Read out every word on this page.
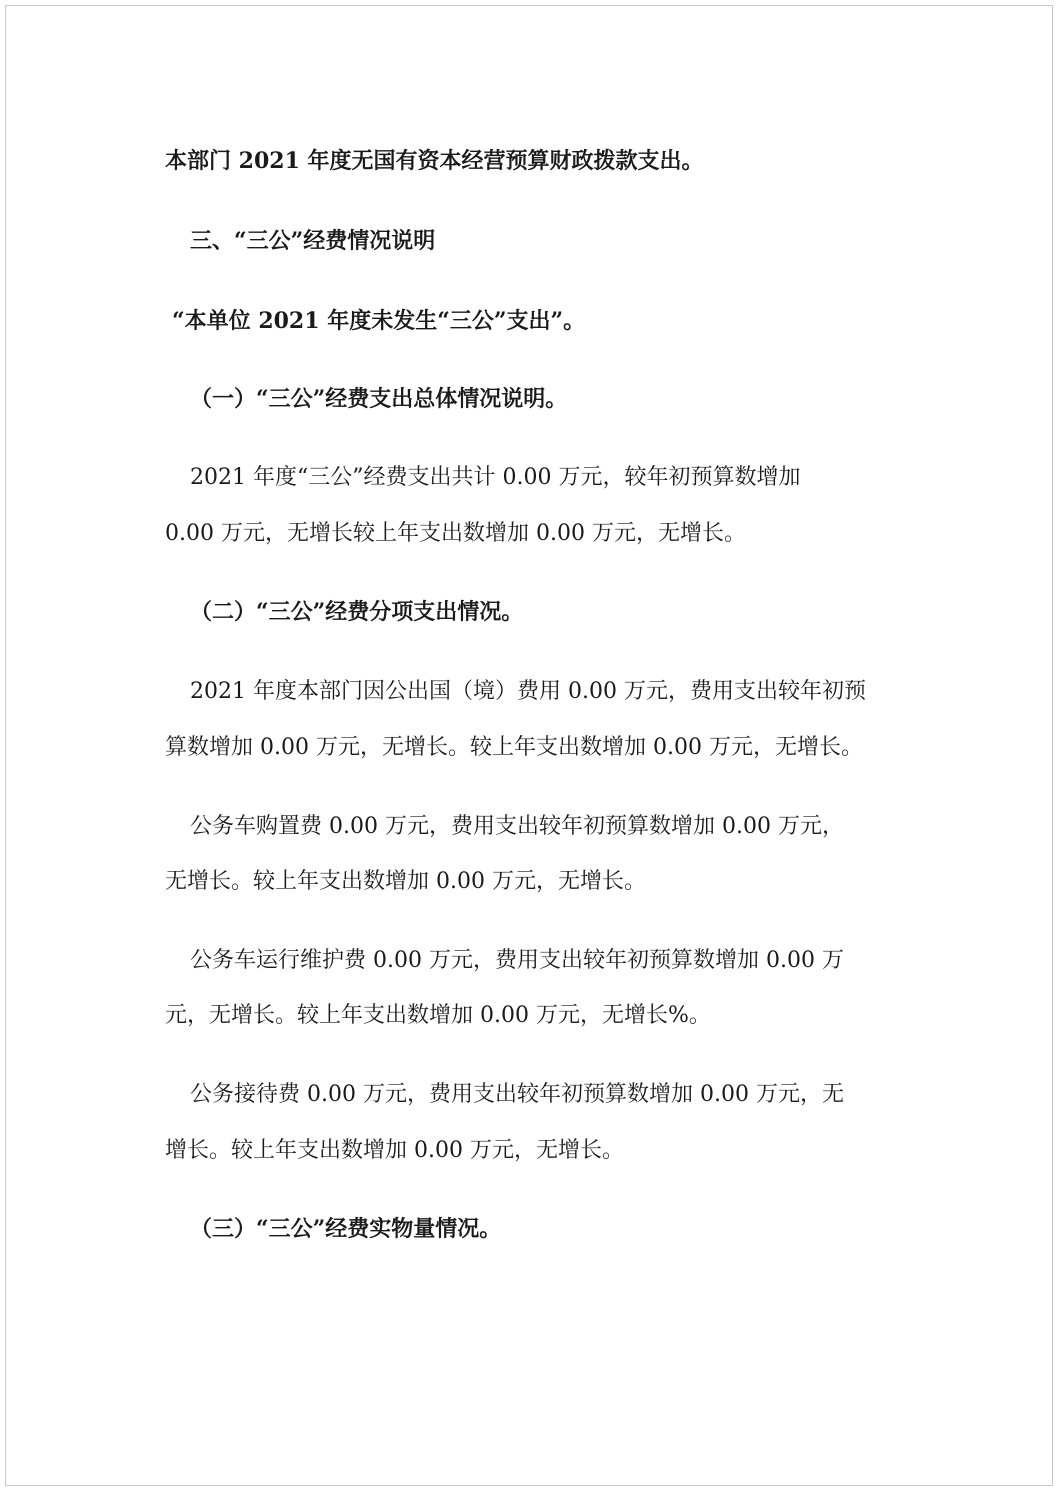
本部门 2021 年度无国有资本经营预算财政拨款支出。
三、“三公”经费情况说明
“本单位 2021 年度未发生“三公”支出”。
（一）“三公”经费支出总体情况说明。
2021 年度“三公”经费支出共计 0.00 万元，较年初预算数增加
0.00 万元，无增长较上年支出数增加 0.00 万元，无增长。
（二）“三公”经费分项支出情况。
2021 年度本部门因公出国（境）费用 0.00 万元，费用支出较年初预
算数增加 0.00 万元，无增长。较上年支出数增加 0.00 万元，无增长。
公务车购置费 0.00 万元，费用支出较年初预算数增加 0.00 万元，
无增长。较上年支出数增加 0.00 万元，无增长。
公务车运行维护费 0.00 万元，费用支出较年初预算数增加 0.00 万
元，无增长。较上年支出数增加 0.00 万元，无增长%。
公务接待费 0.00 万元，费用支出较年初预算数增加 0.00 万元，无
增长。较上年支出数增加 0.00 万元，无增长。
（三）“三公”经费实物量情况。
